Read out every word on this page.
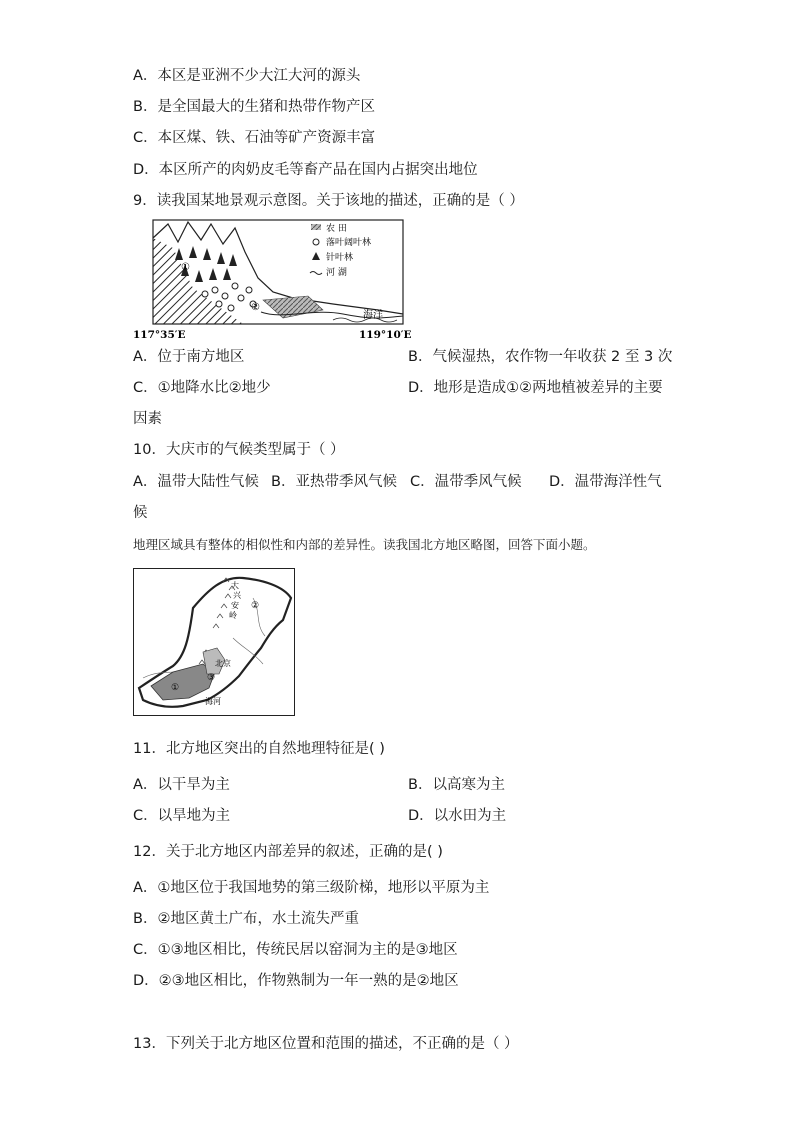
A．本区是亚洲不少大江大河的源头
B．是全国最大的生猪和热带作物产区
C．本区煤、铁、石油等矿产资源丰富
D．本区所产的肉奶皮毛等畜产品在国内占据突出地位
9．读我国某地景观示意图。关于该地的描述，正确的是（ ）
农 田
落叶阔叶林
针叶林
河 湖
①
②
海洋
117°35′E	119°10′E
A．位于南方地区	B．气候湿热，农作物一年收获 2 至 3 次
C．①地降水比②地少	D．地形是造成①②两地植被差异的主要
因素
10．大庆市的气候类型属于（ ）
A．温带大陆性气候 B．亚热带季风气候 C．温带季风气候 D．温带海洋性气
候
地理区域具有整体的相似性和内部的差异性。读我国北方地区略图，回答下面小题。
大
兴
安
岭
北京
海河
①
②
③
11．北方地区突出的自然地理特征是( )
A．以干旱为主	B．以高寒为主
C．以旱地为主	D．以水田为主
12．关于北方地区内部差异的叙述，正确的是( )
A．①地区位于我国地势的第三级阶梯，地形以平原为主
B．②地区黄土广布，水土流失严重
C．①③地区相比，传统民居以窑洞为主的是③地区
D．②③地区相比，作物熟制为一年一熟的是②地区
13．下列关于北方地区位置和范围的描述，不正确的是（ ）
